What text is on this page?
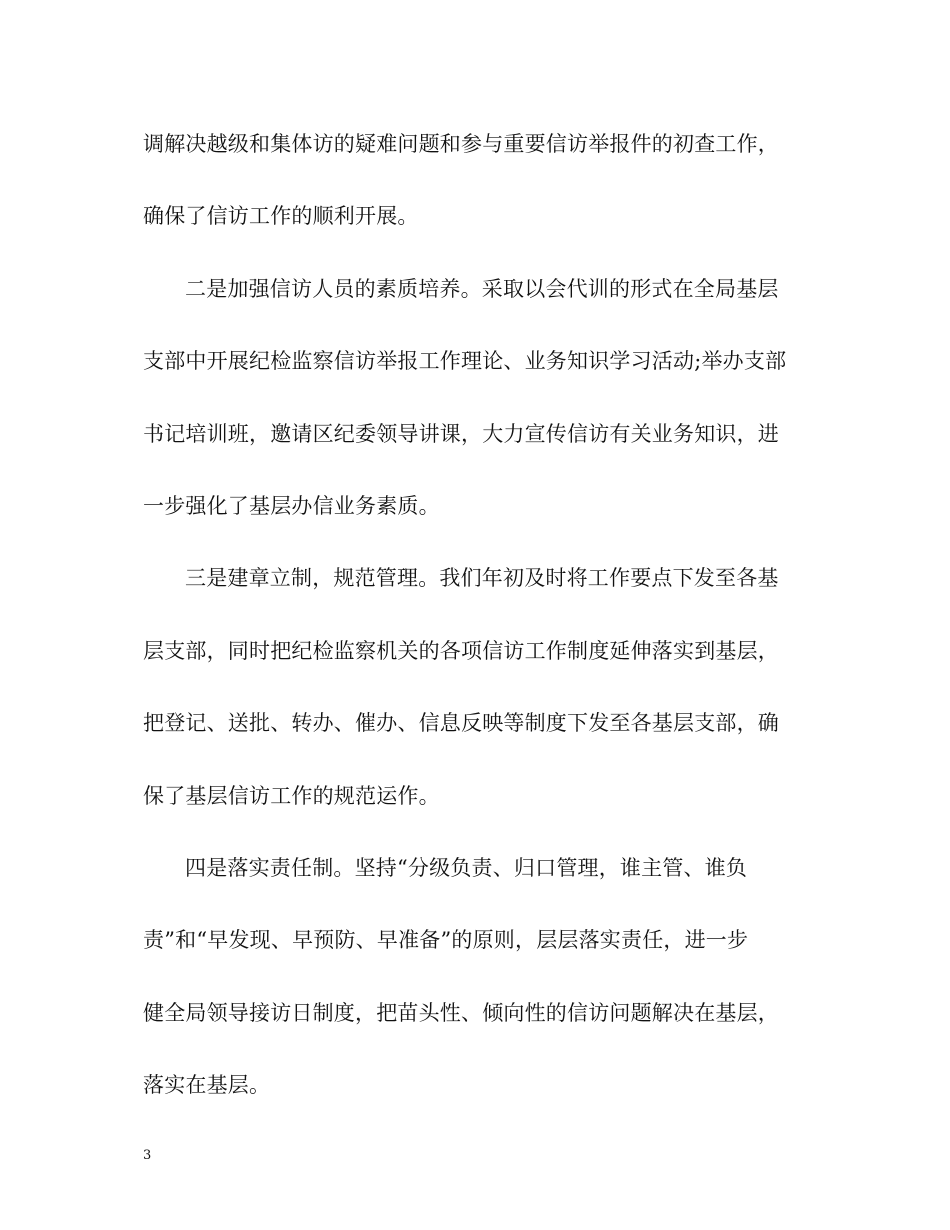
调解决越级和集体访的疑难问题和参与重要信访举报件的初查工作，
确保了信访工作的顺利开展。
二是加强信访人员的素质培养。采取以会代训的形式在全局基层
支部中开展纪检监察信访举报工作理论、业务知识学习活动;举办支部
书记培训班，邀请区纪委领导讲课，大力宣传信访有关业务知识，进
一步强化了基层办信业务素质。
三是建章立制，规范管理。我们年初及时将工作要点下发至各基
层支部，同时把纪检监察机关的各项信访工作制度延伸落实到基层，
把登记、送批、转办、催办、信息反映等制度下发至各基层支部，确
保了基层信访工作的规范运作。
四是落实责任制。坚持“分级负责、归口管理，谁主管、谁负
责”和“早发现、早预防、早准备”的原则，层层落实责任，进一步
健全局领导接访日制度，把苗头性、倾向性的信访问题解决在基层，
落实在基层。
3
